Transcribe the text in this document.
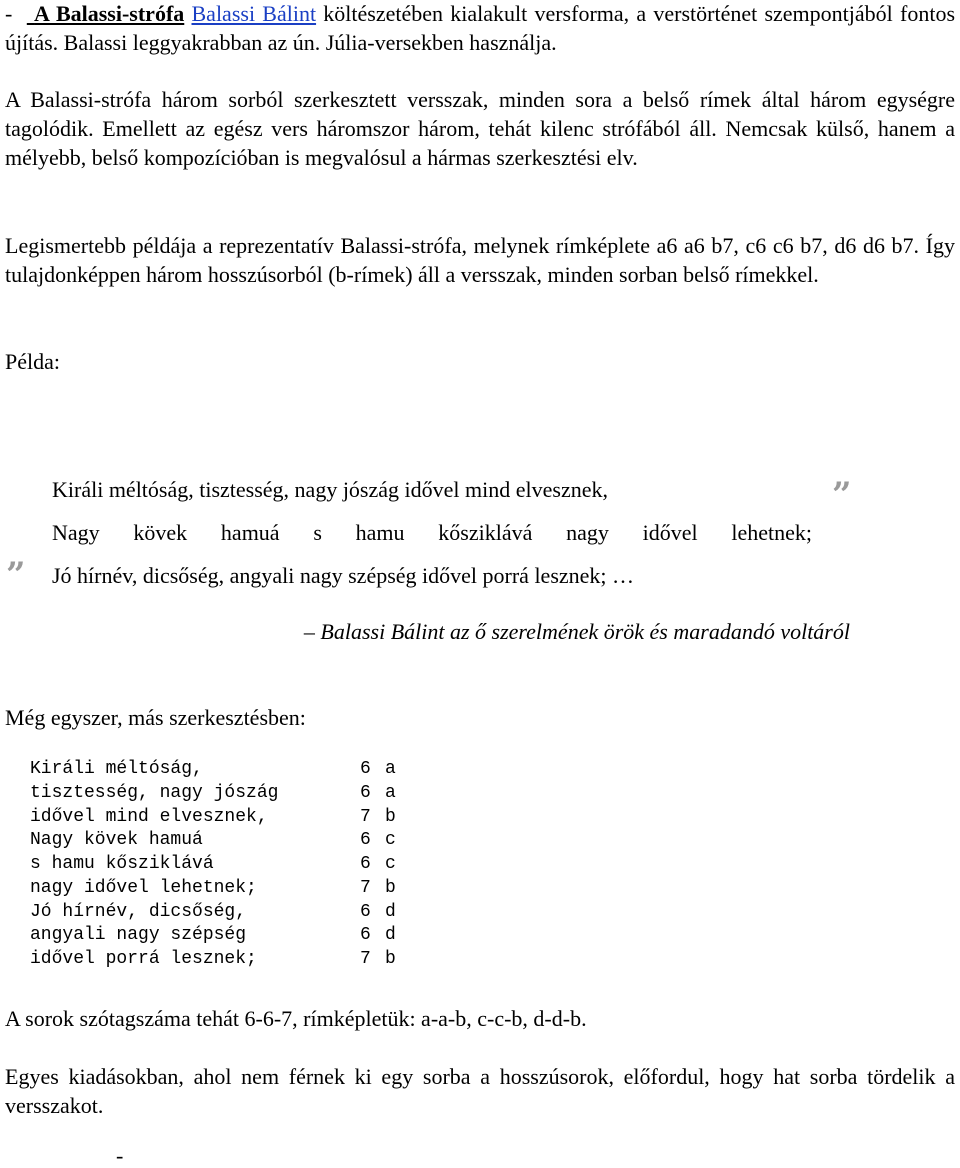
- A Balassi-strófa Balassi Bálint költészetében kialakult versforma, a verstörténet szempontjából fontos újítás. Balassi leggyakrabban az ún. Júlia-versekben használja.

A Balassi-strófa három sorból szerkesztett versszak, minden sora a belső rímek által három egységre tagolódik. Emellett az egész vers háromszor három, tehát kilenc strófából áll. Nemcsak külső, hanem a mélyebb, belső kompozícióban is megvalósul a hármas szerkesztési elv.

Legismertebb példája a reprezentatív Balassi-strófa, melynek rímképlete a6 a6 b7, c6 c6 b7, d6 d6 b7. Így tulajdonképpen három hosszúsorból (b-rímek) áll a versszak, minden sorban belső rímekkel.

Példa:

”

Királi méltóság, tisztesség, nagy jószág idővel mind elvesznek,

Nagy kövek hamuá s hamu kősziklává nagy idővel lehetnek;

” Jó hírnév, dicsőség, angyali nagy szépség idővel porrá lesznek; …

– Balassi Bálint az ő szerelmének örök és maradandó voltáról

Még egyszer, más szerkesztésben:

Királi méltóság,	6 a
tisztesség, nagy jószág	6 a
idővel mind elvesznek,	7 b
Nagy kövek hamuá	6 c
s hamu kősziklává	6 c
nagy idővel lehetnek;	7 b
Jó hírnév, dicsőség,	6 d
angyali nagy szépség	6 d
idővel porrá lesznek;	7 b

A sorok szótagszáma tehát 6-6-7, rímképletük: a-a-b, c-c-b, d-d-b.

Egyes kiadásokban, ahol nem férnek ki egy sorba a hosszúsorok, előfordul, hogy hat sorba tördelik a versszakot.

-
